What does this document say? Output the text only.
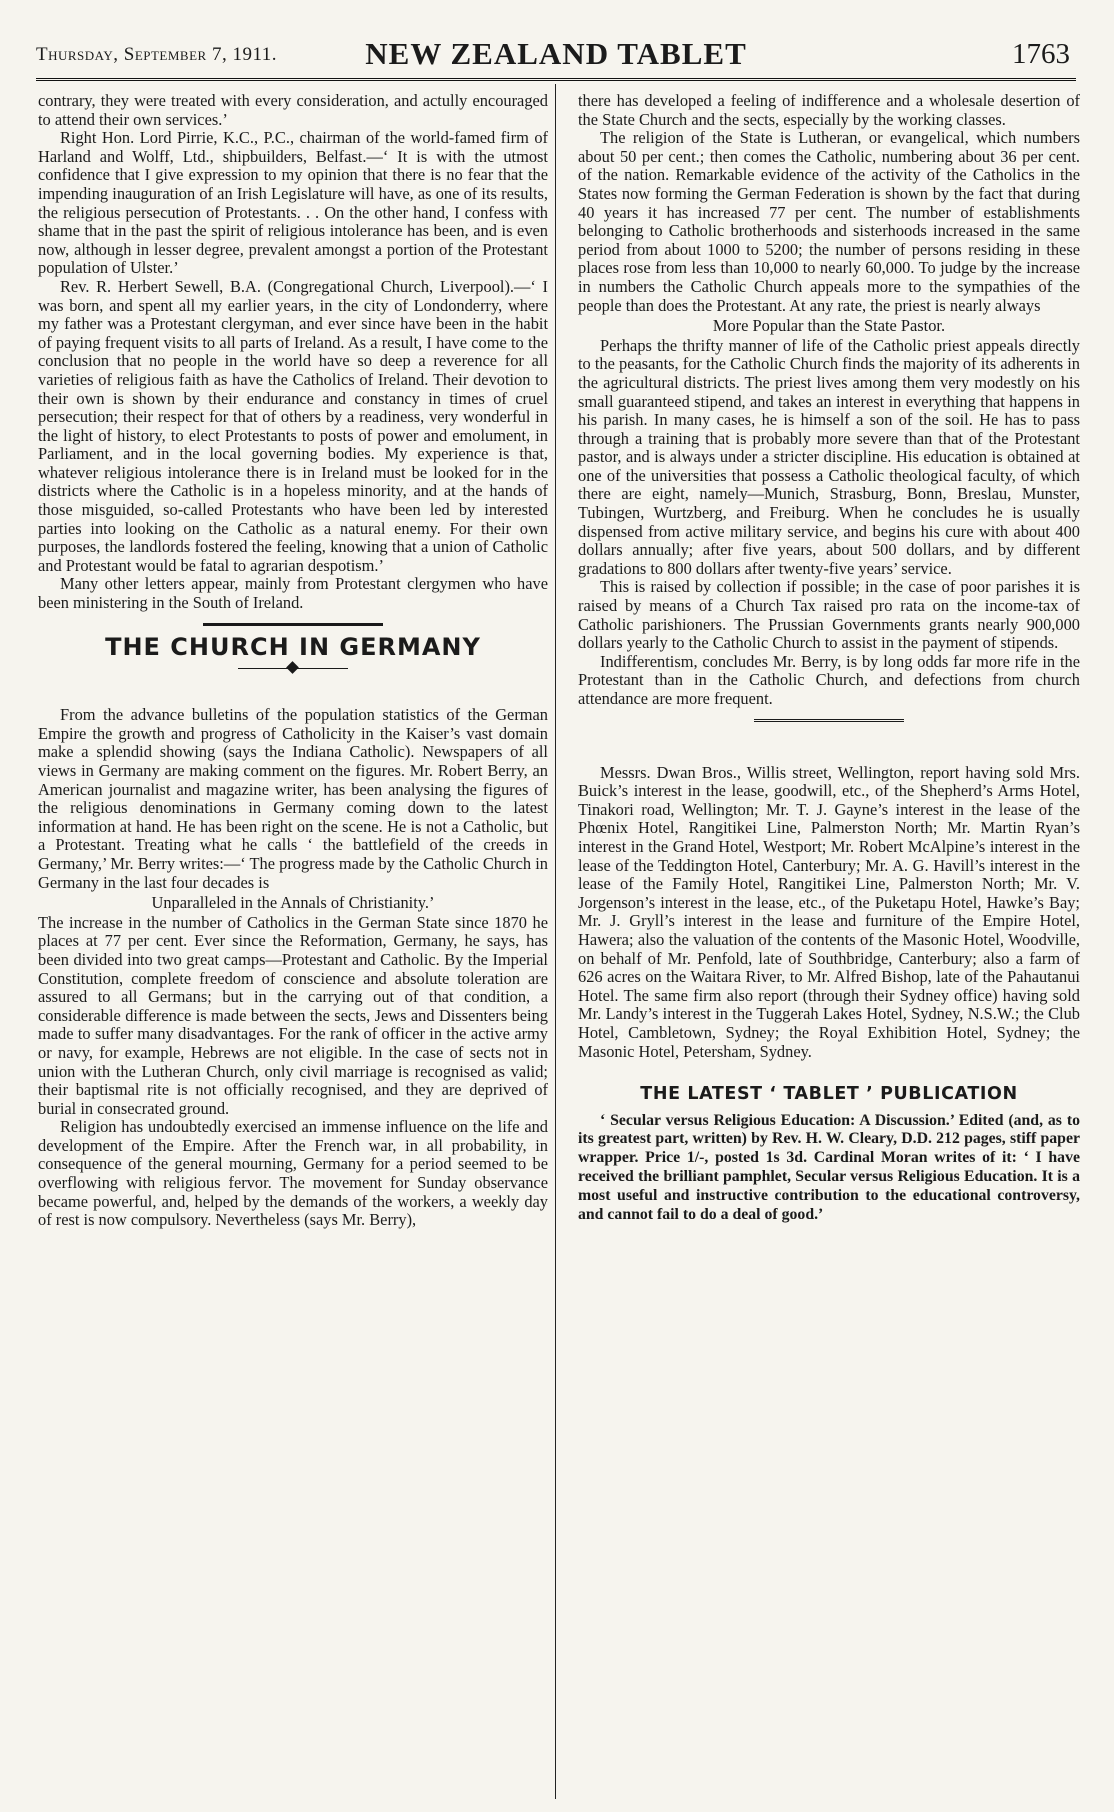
Thursday, September 7, 1911.	NEW ZEALAND TABLET	1763

contrary, they were treated with every consideration, and actully encouraged to attend their own services.’

Right Hon. Lord Pirrie, K.C., P.C., chairman of the world-famed firm of Harland and Wolff, Ltd., shipbuilders, Belfast.—‘ It is with the utmost confidence that I give expression to my opinion that there is no fear that the impending inauguration of an Irish Legislature will have, as one of its results, the religious persecution of Protestants. . . On the other hand, I confess with shame that in the past the spirit of religious intolerance has been, and is even now, although in lesser degree, prevalent amongst a portion of the Protestant population of Ulster.’

Rev. R. Herbert Sewell, B.A. (Congregational Church, Liverpool).—‘ I was born, and spent all my earlier years, in the city of Londonderry, where my father was a Protestant clergyman, and ever since have been in the habit of paying frequent visits to all parts of Ireland. As a result, I have come to the conclusion that no people in the world have so deep a reverence for all varieties of religious faith as have the Catholics of Ireland. Their devotion to their own is shown by their endurance and constancy in times of cruel persecution; their respect for that of others by a readiness, very wonderful in the light of history, to elect Protestants to posts of power and emolument, in Parliament, and in the local governing bodies. My experience is that, whatever religious intolerance there is in Ireland must be looked for in the districts where the Catholic is in a hopeless minority, and at the hands of those misguided, so-called Protestants who have been led by interested parties into looking on the Catholic as a natural enemy. For their own purposes, the landlords fostered the feeling, knowing that a union of Catholic and Protestant would be fatal to agrarian despotism.’

Many other letters appear, mainly from Protestant clergymen who have been ministering in the South of Ireland.

THE CHURCH IN GERMANY

From the advance bulletins of the population statistics of the German Empire the growth and progress of Catholicity in the Kaiser’s vast domain make a splendid showing (says the Indiana Catholic). Newspapers of all views in Germany are making comment on the figures. Mr. Robert Berry, an American journalist and magazine writer, has been analysing the figures of the religious denominations in Germany coming down to the latest information at hand. He has been right on the scene. He is not a Catholic, but a Protestant. Treating what he calls ‘ the battlefield of the creeds in Germany,’ Mr. Berry writes:—‘ The progress made by the Catholic Church in Germany in the last four decades is

Unparalleled in the Annals of Christianity.’

The increase in the number of Catholics in the German State since 1870 he places at 77 per cent. Ever since the Reformation, Germany, he says, has been divided into two great camps—Protestant and Catholic. By the Imperial Constitution, complete freedom of conscience and absolute toleration are assured to all Germans; but in the carrying out of that condition, a considerable difference is made between the sects, Jews and Dissenters being made to suffer many disadvantages. For the rank of officer in the active army or navy, for example, Hebrews are not eligible. In the case of sects not in union with the Lutheran Church, only civil marriage is recognised as valid; their baptismal rite is not officially recognised, and they are deprived of burial in consecrated ground.

Religion has undoubtedly exercised an immense influence on the life and development of the Empire. After the French war, in all probability, in consequence of the general mourning, Germany for a period seemed to be overflowing with religious fervor. The movement for Sunday observance became powerful, and, helped by the demands of the workers, a weekly day of rest is now compulsory. Nevertheless (says Mr. Berry),

there has developed a feeling of indifference and a wholesale desertion of the State Church and the sects, especially by the working classes.

The religion of the State is Lutheran, or evangelical, which numbers about 50 per cent.; then comes the Catholic, numbering about 36 per cent. of the nation. Remarkable evidence of the activity of the Catholics in the States now forming the German Federation is shown by the fact that during 40 years it has increased 77 per cent. The number of establishments belonging to Catholic brotherhoods and sisterhoods increased in the same period from about 1000 to 5200; the number of persons residing in these places rose from less than 10,000 to nearly 60,000. To judge by the increase in numbers the Catholic Church appeals more to the sympathies of the people than does the Protestant. At any rate, the priest is nearly always

More Popular than the State Pastor.

Perhaps the thrifty manner of life of the Catholic priest appeals directly to the peasants, for the Catholic Church finds the majority of its adherents in the agricultural districts. The priest lives among them very modestly on his small guaranteed stipend, and takes an interest in everything that happens in his parish. In many cases, he is himself a son of the soil. He has to pass through a training that is probably more severe than that of the Protestant pastor, and is always under a stricter discipline. His education is obtained at one of the universities that possess a Catholic theological faculty, of which there are eight, namely—Munich, Strasburg, Bonn, Breslau, Munster, Tubingen, Wurtzberg, and Freiburg. When he concludes he is usually dispensed from active military service, and begins his cure with about 400 dollars annually; after five years, about 500 dollars, and by different gradations to 800 dollars after twenty-five years’ service.

This is raised by collection if possible; in the case of poor parishes it is raised by means of a Church Tax raised pro rata on the income-tax of Catholic parishioners. The Prussian Governments grants nearly 900,000 dollars yearly to the Catholic Church to assist in the payment of stipends.

Indifferentism, concludes Mr. Berry, is by long odds far more rife in the Protestant than in the Catholic Church, and defections from church attendance are more frequent.

Messrs. Dwan Bros., Willis street, Wellington, report having sold Mrs. Buick’s interest in the lease, goodwill, etc., of the Shepherd’s Arms Hotel, Tinakori road, Wellington; Mr. T. J. Gayne’s interest in the lease of the Phœnix Hotel, Rangitikei Line, Palmerston North; Mr. Martin Ryan’s interest in the Grand Hotel, Westport; Mr. Robert McAlpine’s interest in the lease of the Teddington Hotel, Canterbury; Mr. A. G. Havill’s interest in the lease of the Family Hotel, Rangitikei Line, Palmerston North; Mr. V. Jorgenson’s interest in the lease, etc., of the Puketapu Hotel, Hawke’s Bay; Mr. J. Gryll’s interest in the lease and furniture of the Empire Hotel, Hawera; also the valuation of the contents of the Masonic Hotel, Woodville, on behalf of Mr. Penfold, late of Southbridge, Canterbury; also a farm of 626 acres on the Waitara River, to Mr. Alfred Bishop, late of the Pahautanui Hotel. The same firm also report (through their Sydney office) having sold Mr. Landy’s interest in the Tuggerah Lakes Hotel, Sydney, N.S.W.; the Club Hotel, Cambletown, Sydney; the Royal Exhibition Hotel, Sydney; the Masonic Hotel, Petersham, Sydney.

THE LATEST ‘ TABLET ’ PUBLICATION

‘ Secular versus Religious Education: A Discussion.’ Edited (and, as to its greatest part, written) by Rev. H. W. Cleary, D.D. 212 pages, stiff paper wrapper. Price 1/-, posted 1s 3d. Cardinal Moran writes of it: ‘ I have received the brilliant pamphlet, Secular versus Religious Education. It is a most useful and instructive contribution to the educational controversy, and cannot fail to do a deal of good.’
